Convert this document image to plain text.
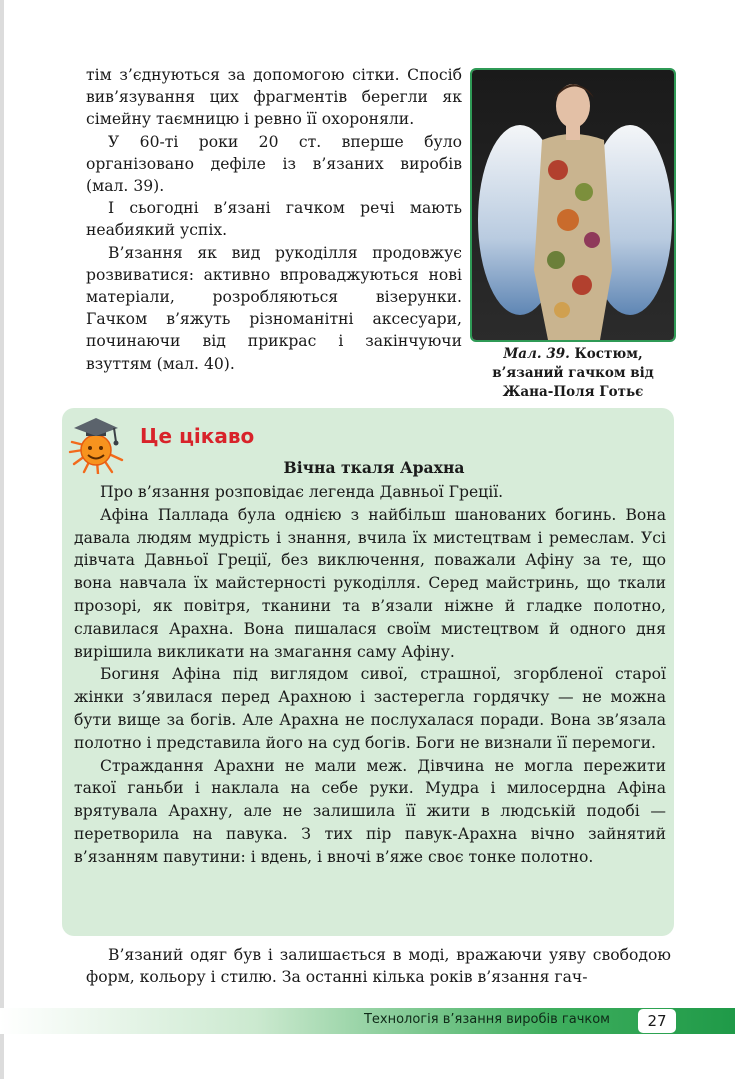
тім з’єднуються за допомогою сітки. Спосіб вив’язування цих фрагментів берегли як сімейну таємницю і ревно її охороняли.

У 60-ті роки 20 ст. вперше було організовано дефіле із в’язаних виробів (мал. 39).

І сьогодні в’язані гачком речі мають неабиякий успіх.

В’язання як вид рукоділля продовжує розвиватися: активно впроваджуються нові матеріали, розробляються візерунки. Гачком в’яжуть різноманітні аксесуари, починаючи від прикрас і закінчуючи взуттям (мал. 40).

Мал. 39. Костюм, в’язаний гачком від Жана-Поля Готьє
Це цікаво
Вічна ткаля Арахна

Про в’язання розповідає легенда Давньої Греції.

Афіна Паллада була однією з найбільш шанованих богинь. Вона давала людям мудрість і знання, вчила їх мистецтвам і ремеслам. Усі дівчата Давньої Греції, без виключення, поважали Афіну за те, що вона навчала їх майстерності рукоділля. Серед майстринь, що ткали прозорі, як повітря, тканини та в’язали ніжне й гладке полотно, славилася Арахна. Вона пишалася своїм мистецтвом й одного дня вирішила викликати на змагання саму Афіну.

Богиня Афіна під виглядом сивої, страшної, згорбленої старої жінки з’явилася перед Арахною і застерегла гордячку — не можна бути вище за богів. Але Арахна не послухалася поради. Вона зв’язала полотно і представила його на суд богів. Боги не визнали її перемоги.

Страждання Арахни не мали меж. Дівчина не могла пережити такої ганьби і наклала на себе руки. Мудра і милосердна Афіна врятувала Арахну, але не залишила її жити в людській подобі — перетворила на павука. З тих пір павук-Арахна вічно зайнятий в’язанням павутини: і вдень, і вночі в’яже своє тонке полотно.

В’язаний одяг був і залишається в моді, вражаючи уяву свободою форм, кольору і стилю. За останні кілька років в’язання гач-

Технологія в’язання виробів гачком	27
